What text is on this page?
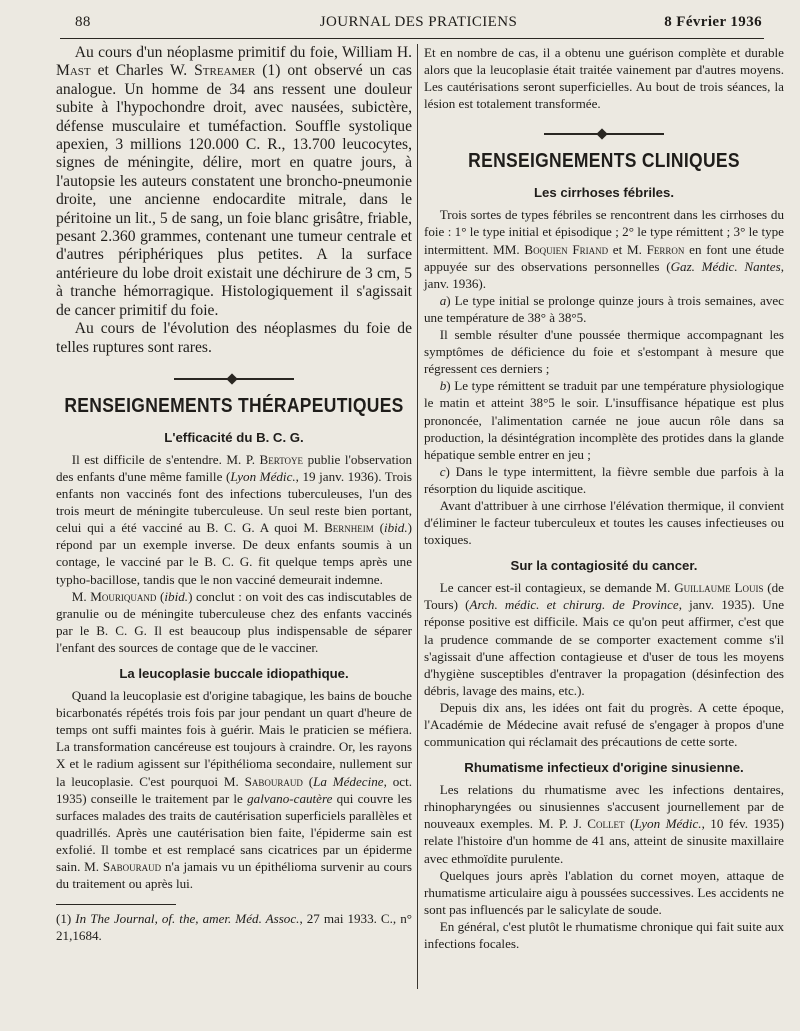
88	JOURNAL DES PRATICIENS	8 Février 1936

Au cours d'un néoplasme primitif du foie, William H. Mast et Charles W. Streamer (1) ont observé un cas analogue. Un homme de 34 ans ressent une douleur subite à l'hypochondre droit, avec nausées, subictère, défense musculaire et tuméfaction. Souffle systolique apexien, 3 millions 120.000 C. R., 13.700 leucocytes, signes de méningite, délire, mort en quatre jours, à l'autopsie les auteurs constatent une broncho-pneumonie droite, une ancienne endocardite mitrale, dans le péritoine un lit., 5 de sang, un foie blanc grisâtre, friable, pesant 2.360 grammes, contenant une tumeur centrale et d'autres périphériques plus petites. A la surface antérieure du lobe droit existait une déchirure de 3 cm, 5 à tranche hémorragique. Histologiquement il s'agissait de cancer primitif du foie.

Au cours de l'évolution des néoplasmes du foie de telles ruptures sont rares.

RENSEIGNEMENTS THÉRAPEUTIQUES
L'efficacité du B. C. G.

Il est difficile de s'entendre. M. P. Bertoye publie l'observation des enfants d'une même famille (Lyon Médic., 19 janv. 1936). Trois enfants non vaccinés font des infections tuberculeuses, l'un des trois meurt de méningite tuberculeuse. Un seul reste bien portant, celui qui a été vacciné au B. C. G. A quoi M. Bernheim (ibid.) répond par un exemple inverse. De deux enfants soumis à un contage, le vacciné par le B. C. G. fit quelque temps après une typho-bacillose, tandis que le non vacciné demeurait indemne.

M. Mouriquand (ibid.) conclut : on voit des cas indiscutables de granulie ou de méningite tuberculeuse chez des enfants vaccinés par le B. C. G. Il est beaucoup plus indispensable de séparer l'enfant des sources de contage que de le vacciner.

La leucoplasie buccale idiopathique.

Quand la leucoplasie est d'origine tabagique, les bains de bouche bicarbonatés répétés trois fois par jour pendant un quart d'heure de temps ont suffi maintes fois à guérir. Mais le praticien se méfiera. La transformation cancéreuse est toujours à craindre. Or, les rayons X et le radium agissent sur l'épithélioma secondaire, nullement sur la leucoplasie. C'est pourquoi M. Sabouraud (La Médecine, oct. 1935) conseille le traitement par le galvano-cautère qui couvre les surfaces malades des traits de cautérisation superficiels parallèles et quadrillés. Après une cautérisation bien faite, l'épiderme sain est exfolié. Il tombe et est remplacé sans cicatrices par un épiderme sain. M. Sabouraud n'a jamais vu un épithélioma survenir au cours du traitement ou après lui.

(1) In The Journal, of. the, amer. Méd. Assoc., 27 mai 1933. C., n° 21,1684.

Et en nombre de cas, il a obtenu une guérison complète et durable alors que la leucoplasie était traitée vainement par d'autres moyens. Les cautérisations seront superficielles. Au bout de trois séances, la lésion est totalement transformée.

RENSEIGNEMENTS CLINIQUES
Les cirrhoses fébriles.

Trois sortes de types fébriles se rencontrent dans les cirrhoses du foie : 1° le type initial et épisodique ; 2° le type rémittent ; 3° le type intermittent. MM. Boquien Friand et M. Ferron en font une étude appuyée sur des observations personnelles (Gaz. Médic. Nantes, janv. 1936).

a) Le type initial se prolonge quinze jours à trois semaines, avec une température de 38° à 38°5.

Il semble résulter d'une poussée thermique accompagnant les symptômes de déficience du foie et s'estompant à mesure que régressent ces derniers ;

b) Le type rémittent se traduit par une température physiologique le matin et atteint 38°5 le soir. L'insuffisance hépatique est plus prononcée, l'alimentation carnée ne joue aucun rôle dans sa production, la désintégration incomplète des protides dans la glande hépatique semble entrer en jeu ;

c) Dans le type intermittent, la fièvre semble due parfois à la résorption du liquide ascitique.

Avant d'attribuer à une cirrhose l'élévation thermique, il convient d'éliminer le facteur tuberculeux et toutes les causes infectieuses ou toxiques.

Sur la contagiosité du cancer.

Le cancer est-il contagieux, se demande M. Guillaume Louis (de Tours) (Arch. médic. et chirurg. de Province, janv. 1935). Une réponse positive est difficile. Mais ce qu'on peut affirmer, c'est que la prudence commande de se comporter exactement comme s'il s'agissait d'une affection contagieuse et d'user de tous les moyens d'hygiène susceptibles d'entraver la propagation (désinfection des débris, lavage des mains, etc.).

Depuis dix ans, les idées ont fait du progrès. A cette époque, l'Académie de Médecine avait refusé de s'engager à propos d'une communication qui réclamait des précautions de cette sorte.

Rhumatisme infectieux d'origine sinusienne.

Les relations du rhumatisme avec les infections dentaires, rhinopharyngées ou sinusiennes s'accusent journellement par de nouveaux exemples. M. P. J. Collet (Lyon Médic., 10 fév. 1935) relate l'histoire d'un homme de 41 ans, atteint de sinusite maxillaire avec ethmoïdite purulente.

Quelques jours après l'ablation du cornet moyen, attaque de rhumatisme articulaire aigu à poussées successives. Les accidents ne sont pas influencés par le salicylate de soude.

En général, c'est plutôt le rhumatisme chronique qui fait suite aux infections focales.
